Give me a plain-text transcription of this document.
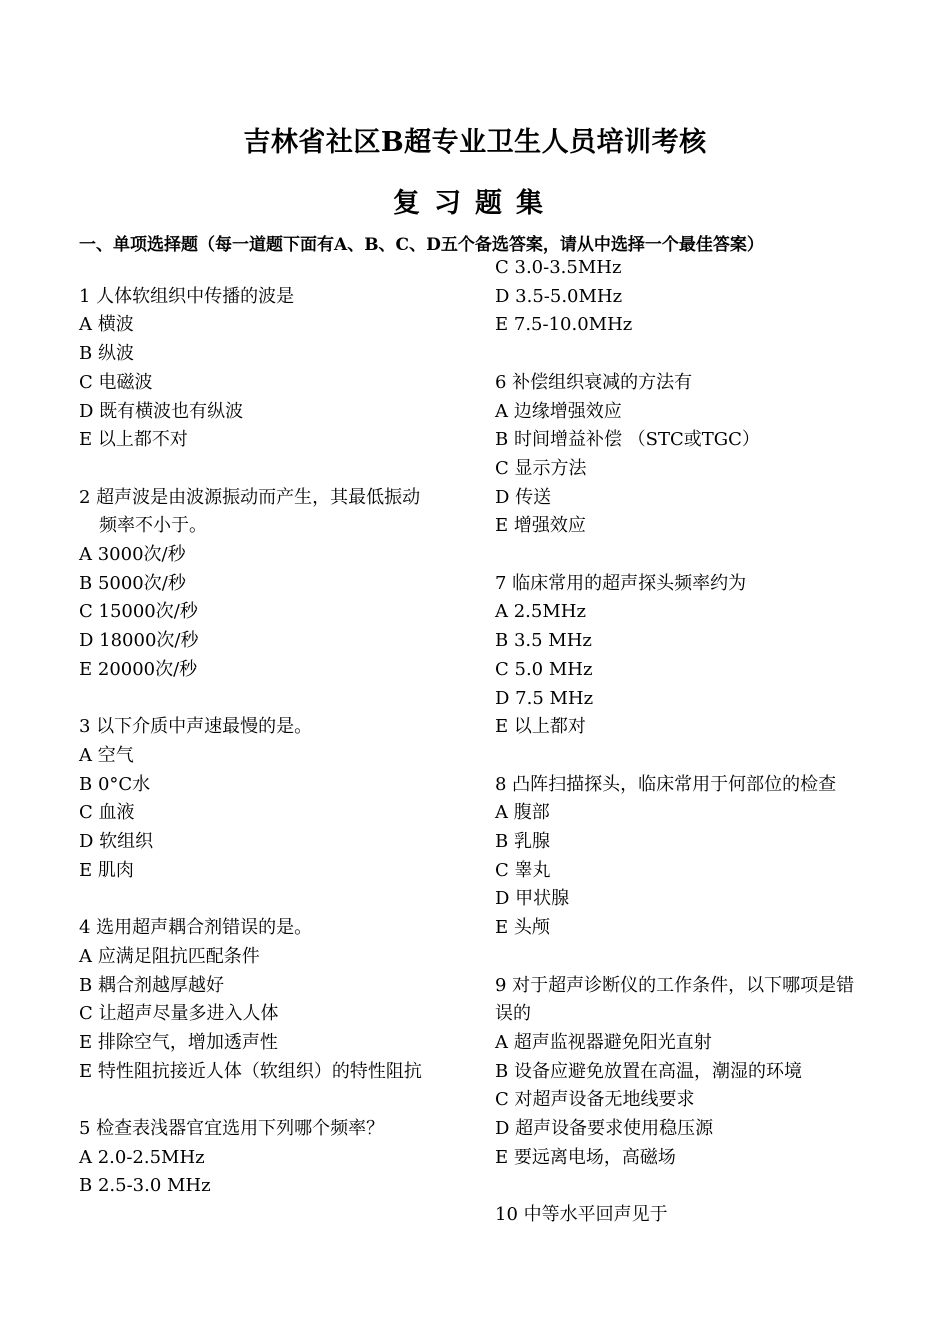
吉林省社区B超专业卫生人员培训考核
复习题集
一、单项选择题（每一道题下面有A、B、C、D五个备选答案，请从中选择一个最佳答案）
1 人体软组织中传播的波是
A 横波
B 纵波
C 电磁波
D 既有横波也有纵波
E 以上都不对
2 超声波是由波源振动而产生，其最低振动
频率不小于。
A 3000次/秒
B 5000次/秒
C 15000次/秒
D 18000次/秒
E 20000次/秒
3 以下介质中声速最慢的是。
A 空气
B 0°C水
C 血液
D 软组织
E 肌肉
4 选用超声耦合剂错误的是。
A 应满足阻抗匹配条件
B 耦合剂越厚越好
C 让超声尽量多进入人体
E 排除空气，增加透声性
E 特性阻抗接近人体（软组织）的特性阻抗
5 检查表浅器官宜选用下列哪个频率？
A 2.0-2.5MHz
B 2.5-3.0 MHz
C 3.0-3.5MHz
D 3.5-5.0MHz
E 7.5-10.0MHz
6 补偿组织衰减的方法有
A 边缘增强效应
B 时间增益补偿 （STC或TGC）
C 显示方法
D 传送
E 增强效应
7 临床常用的超声探头频率约为
A 2.5MHz
B 3.5 MHz
C 5.0 MHz
D 7.5 MHz
E 以上都对
8 凸阵扫描探头，临床常用于何部位的检查
A 腹部
B 乳腺
C 睾丸
D 甲状腺
E 头颅
9 对于超声诊断仪的工作条件，以下哪项是错
误的
A 超声监视器避免阳光直射
B 设备应避免放置在高温，潮湿的环境
C 对超声设备无地线要求
D 超声设备要求使用稳压源
E 要远离电场，高磁场
10 中等水平回声见于
